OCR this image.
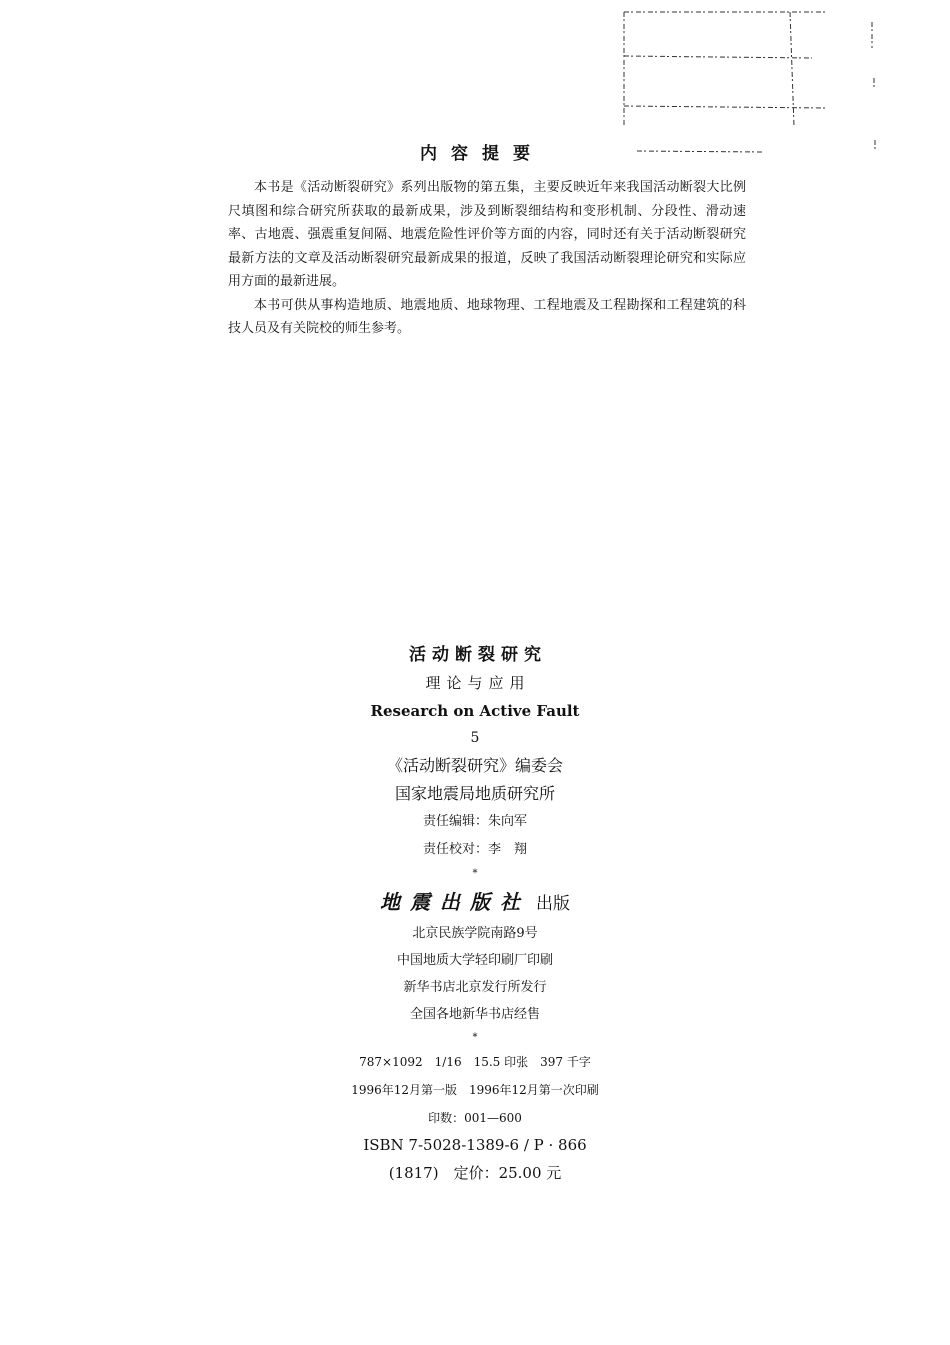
内容提要

本书是《活动断裂研究》系列出版物的第五集，主要反映近年来我国活动断裂大比例尺填图和综合研究所获取的最新成果，涉及到断裂细结构和变形机制、分段性、滑动速率、古地震、强震重复间隔、地震危险性评价等方面的内容，同时还有关于活动断裂研究最新方法的文章及活动断裂研究最新成果的报道，反映了我国活动断裂理论研究和实际应用方面的最新进展。

本书可供从事构造地质、地震地质、地球物理、工程地震及工程勘探和工程建筑的科技人员及有关院校的师生参考。

活动断裂研究
理论与应用
Research on Active Fault
5
《活动断裂研究》编委会
国家地震局地质研究所
责任编辑：朱向军
责任校对：李　翔
*
地震出版社 出版
北京民族学院南路9号
中国地质大学轻印刷厂印刷
新华书店北京发行所发行
全国各地新华书店经售
*
787×1092　1/16　15.5 印张　397 千字
1996年12月第一版　1996年12月第一次印刷
印数：001—600
ISBN 7-5028-1389-6 / P · 866
(1817)　定价：25.00 元
